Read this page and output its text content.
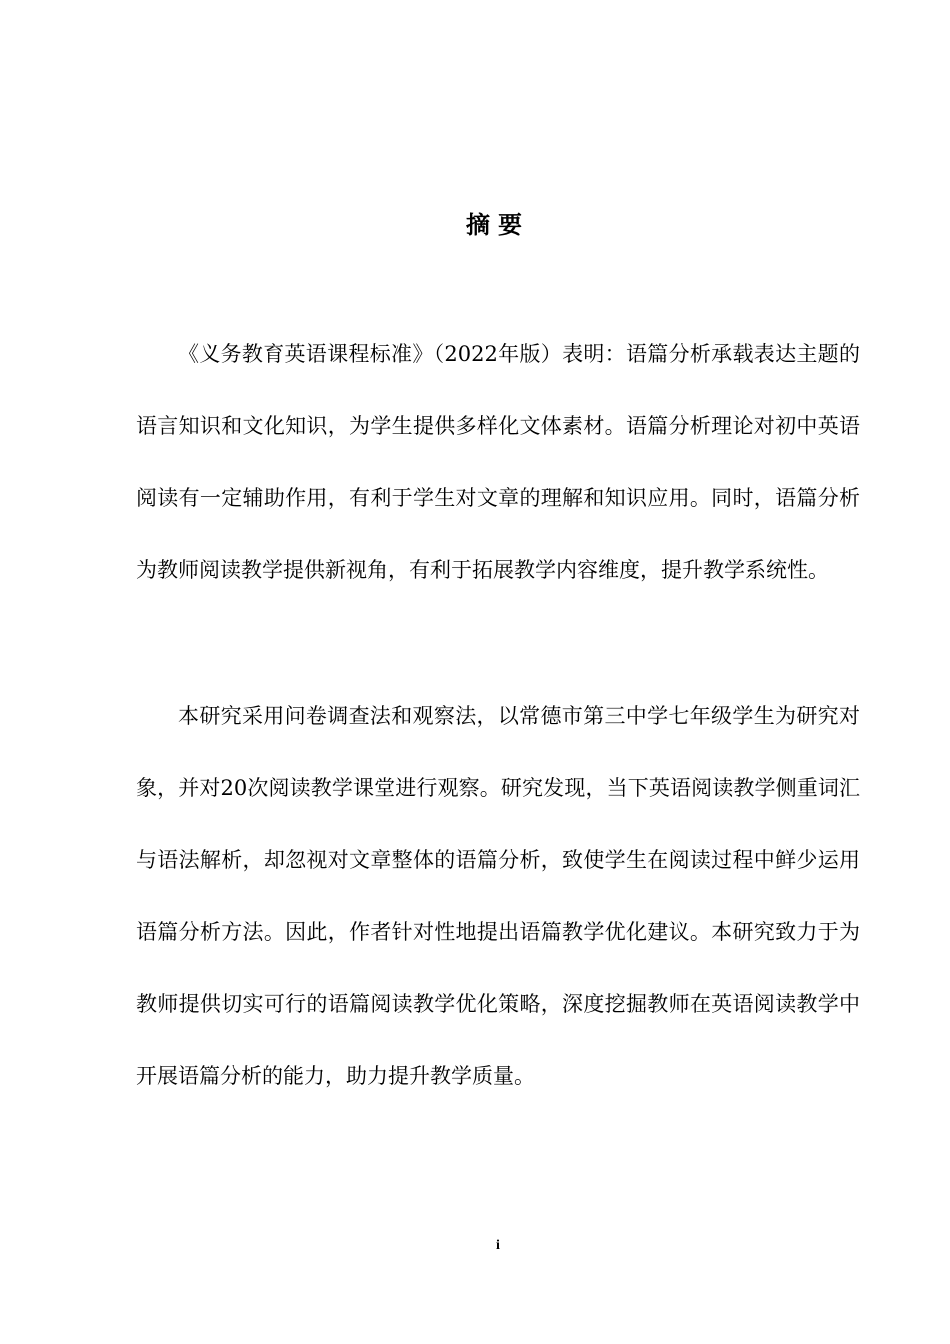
摘要

《义务教育英语课程标准》（2022年版）表明：语篇分析承载表达主题的语言知识和文化知识，为学生提供多样化文体素材。语篇分析理论对初中英语阅读有一定辅助作用，有利于学生对文章的理解和知识应用。同时，语篇分析为教师阅读教学提供新视角，有利于拓展教学内容维度，提升教学系统性。

本研究采用问卷调查法和观察法，以常德市第三中学七年级学生为研究对象，并对20次阅读教学课堂进行观察。研究发现，当下英语阅读教学侧重词汇与语法解析，却忽视对文章整体的语篇分析，致使学生在阅读过程中鲜少运用语篇分析方法。因此，作者针对性地提出语篇教学优化建议。本研究致力于为教师提供切实可行的语篇阅读教学优化策略，深度挖掘教师在英语阅读教学中开展语篇分析的能力，助力提升教学质量。

i
